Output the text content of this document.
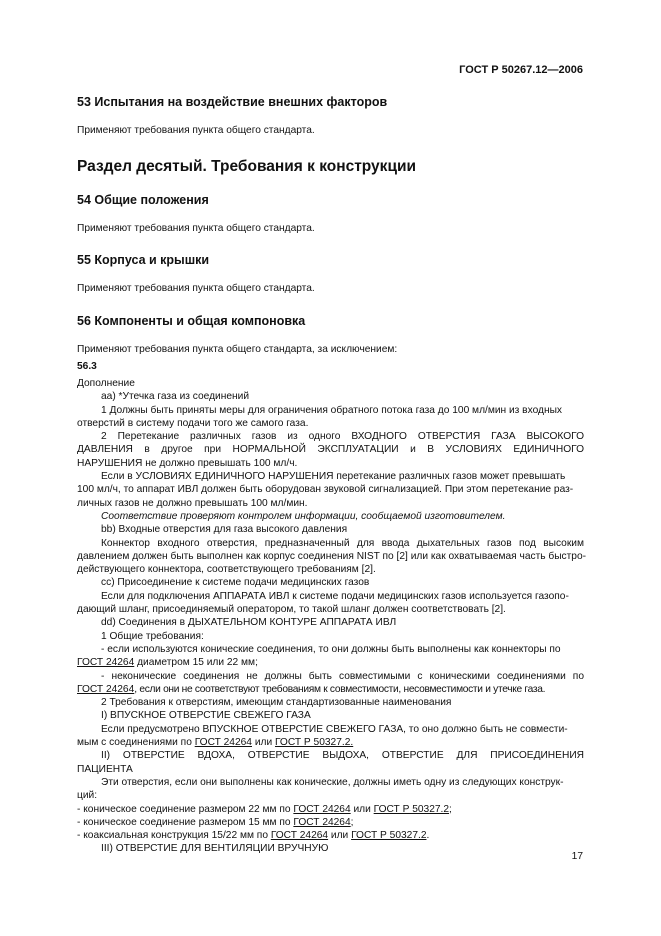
ГОСТ Р 50267.12—2006
53 Испытания на воздействие внешних факторов
Применяют требования пункта общего стандарта.
Раздел десятый. Требования к конструкции
54 Общие положения
Применяют требования пункта общего стандарта.
55 Корпуса и крышки
Применяют требования пункта общего стандарта.
56 Компоненты и общая компоновка
Применяют требования пункта общего стандарта, за исключением:
56.3
Дополнение
аа) *Утечка газа из соединений
1 Должны быть приняты меры для ограничения обратного потока газа до 100 мл/мин из входных
отверстий в систему подачи того же самого газа.
2 Перетекание различных газов из одного ВХОДНОГО ОТВЕРСТИЯ ГАЗА ВЫСОКОГО
ДАВЛЕНИЯ в другое при НОРМАЛЬНОЙ ЭКСПЛУАТАЦИИ и В УСЛОВИЯХ ЕДИНИЧНОГО
НАРУШЕНИЯ не должно превышать 100 мл/ч.
Если в УСЛОВИЯХ ЕДИНИЧНОГО НАРУШЕНИЯ перетекание различных газов может превышать
100 мл/ч, то аппарат ИВЛ должен быть оборудован звуковой сигнализацией. При этом перетекание раз-
личных газов не должно превышать 100 мл/мин.
Соответствие проверяют контролем информации, сообщаемой изготовителем.
bb) Входные отверстия для газа высокого давления
Коннектор входного отверстия, предназначенный для ввода дыхательных газов под высоким
давлением должен быть выполнен как корпус соединения NIST по [2] или как охватываемая часть быстро-
действующего коннектора, соответствующего требованиям [2].
cc) Присоединение к системе подачи медицинских газов
Если для подключения АППАРАТА ИВЛ к системе подачи медицинских газов используется газопо-
дающий шланг, присоединяемый оператором, то такой шланг должен соответствовать [2].
dd) Соединения в ДЫХАТЕЛЬНОМ КОНТУРЕ АППАРАТА ИВЛ
1 Общие требования:
- если используются конические соединения, то они должны быть выполнены как коннекторы по
ГОСТ 24264 диаметром 15 или 22 мм;
- неконические соединения не должны быть совместимыми с коническими соединениями по
ГОСТ 24264, если они не соответствуют требованиям к совместимости, несовместимости и утечке газа.
2 Требования к отверстиям, имеющим стандартизованные наименования
I) ВПУСКНОЕ ОТВЕРСТИЕ СВЕЖЕГО ГАЗА
Если предусмотрено ВПУСКНОЕ ОТВЕРСТИЕ СВЕЖЕГО ГАЗА, то оно должно быть не совмести-
мым с соединениями по ГОСТ 24264 или ГОСТ Р 50327.2.
II) ОТВЕРСТИЕ ВДОХА, ОТВЕРСТИЕ ВЫДОХА, ОТВЕРСТИЕ ДЛЯ ПРИСОЕДИНЕНИЯ
ПАЦИЕНТА
Эти отверстия, если они выполнены как конические, должны иметь одну из следующих конструк-
ций:
- коническое соединение размером 22 мм по ГОСТ 24264 или ГОСТ Р 50327.2;
- коническое соединение размером 15 мм по ГОСТ 24264;
- коаксиальная конструкция 15/22 мм по ГОСТ 24264 или ГОСТ Р 50327.2.
III) ОТВЕРСТИЕ ДЛЯ ВЕНТИЛЯЦИИ ВРУЧНУЮ
17
